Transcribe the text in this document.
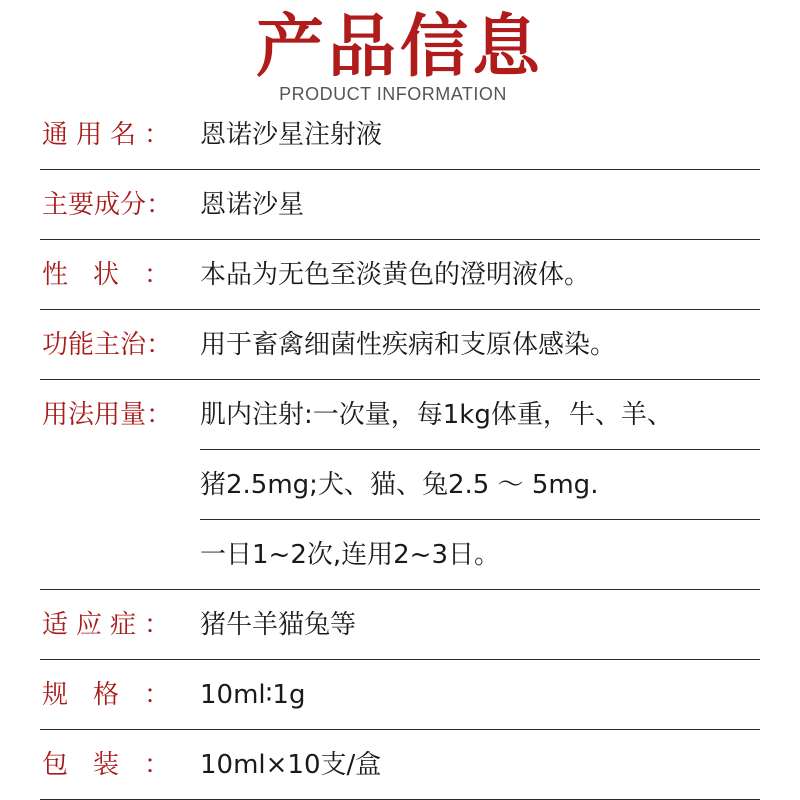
产品信息
PRODUCT INFORMATION
通 用 名 ： 恩诺沙星注射液
主 要 成 分 ： 恩诺沙星
性 状 ： 本品为无色至淡黄色的澄明液体。
功 能 主 治 ： 用于畜禽细菌性疾病和支原体感染。
用 法 用 量 ： 肌内注射:一次量，每1kg体重，牛、羊、
猪2.5mg;犬、猫、兔2.5 ～ 5mg.
一日1~2次,连用2~3日。
适 应 症 ： 猪牛羊猫兔等
规 格 ： 10ml∶1g
包 装 ： 10ml×10支/盒
